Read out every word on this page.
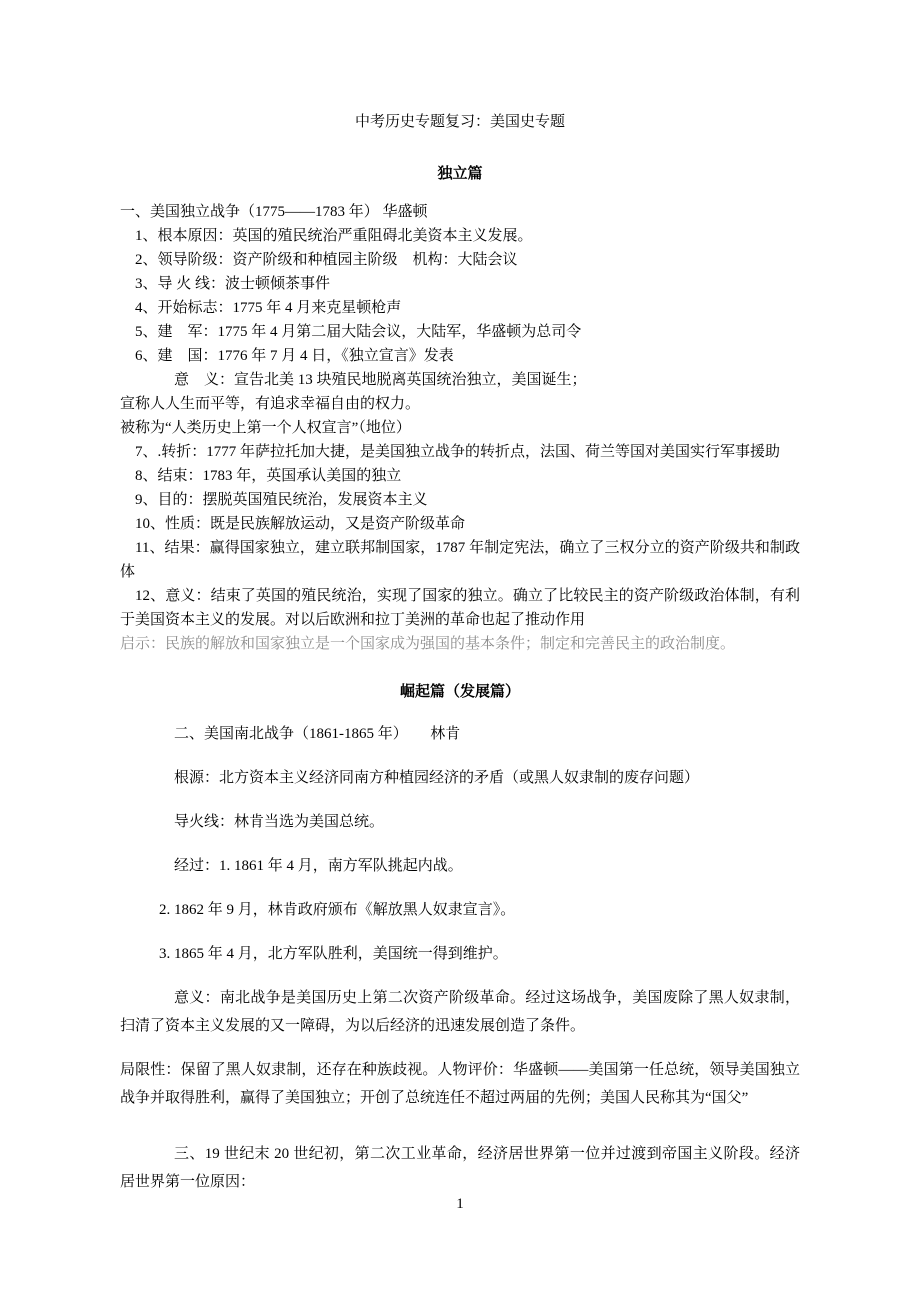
中考历史专题复习：美国史专题

独立篇

一、美国独立战争（1775——1783 年） 华盛顿

1、根本原因：英国的殖民统治严重阻碍北美资本主义发展。

2、领导阶级：资产阶级和种植园主阶级　机构：大陆会议

3、导 火 线：波士顿倾茶事件

4、开始标志：1775 年 4 月来克星顿枪声

5、建　军：1775 年 4 月第二届大陆会议，大陆军，华盛顿为总司令

6、建　国：1776 年 7 月 4 日，《独立宣言》发表

意　义：宣告北美 13 块殖民地脱离英国统治独立，美国诞生；

宣称人人生而平等，有追求幸福自由的权力。

被称为“人类历史上第一个人权宣言”（地位）

7、.转折：1777 年萨拉托加大捷，是美国独立战争的转折点，法国、荷兰等国对美国实行军事援助

8、结束：1783 年，英国承认美国的独立

9、目的：摆脱英国殖民统治，发展资本主义

10、性质：既是民族解放运动，又是资产阶级革命

11、结果：赢得国家独立，建立联邦制国家，1787 年制定宪法，确立了三权分立的资产阶级共和制政体

12、意义：结束了英国的殖民统治，实现了国家的独立。确立了比较民主的资产阶级政治体制，有利于美国资本主义的发展。对以后欧洲和拉丁美洲的革命也起了推动作用

启示：民族的解放和国家独立是一个国家成为强国的基本条件；制定和完善民主的政治制度。

崛起篇（发展篇）

二、美国南北战争（1861-1865 年）　　林肯

根源：北方资本主义经济同南方种植园经济的矛盾（或黑人奴隶制的废存问题）

导火线：林肯当选为美国总统。

经过：1. 1861 年 4 月，南方军队挑起内战。

2. 1862 年 9 月，林肯政府颁布《解放黑人奴隶宣言》。

3. 1865 年 4 月，北方军队胜利，美国统一得到维护。

意义：南北战争是美国历史上第二次资产阶级革命。经过这场战争，美国废除了黑人奴隶制，扫清了资本主义发展的又一障碍，为以后经济的迅速发展创造了条件。

局限性：保留了黑人奴隶制，还存在种族歧视。人物评价：华盛顿——美国第一任总统，领导美国独立战争并取得胜利，赢得了美国独立；开创了总统连任不超过两届的先例；美国人民称其为“国父”

三、19 世纪末 20 世纪初，第二次工业革命，经济居世界第一位并过渡到帝国主义阶段。经济居世界第一位原因：

1
